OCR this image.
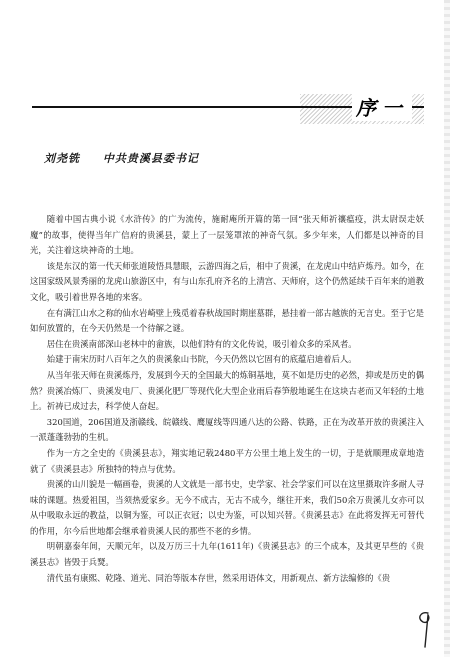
序一
刘尧铣 中共贵溪县委书记

随着中国古典小说《水浒传》的广为流传，施耐庵所开篇的第一回“张天师祈禳瘟疫，洪太尉误走妖魔”的故事，使得当年广信府的贵溪县，蒙上了一层笼罩浓的神奇气氛。多少年来，人们都是以神奇的目光，关注着这块神奇的土地。

该是东汉的第一代天师张道陵悟具慧眼，云游四海之后，相中了贵溪，在龙虎山中结庐炼丹。如今，在这国家级风景秀丽的龙虎山旅游区中，有与山东孔府齐名的上清宫、天师府，这个仍然延续千百年来的道教文化，吸引着世界各地的来客。

在有满江山水之称的仙水岩崎壁上残觅着春秋战国时期崖墓群，悬挂着一部古越族的无言史。至于它是如何放置的，在今天仍然是一个待解之谜。

居住在贵溪南部深山老林中的畲族，以他们特有的文化传说，吸引着众多的采风者。

始建于南宋历时八百年之久的贵溪象山书院，今天仍然以它固有的底蕴启迪着后人。

从当年张天师在贵溪炼丹，发展到今天的全国最大的炼铜基地，莫不如是历史的必然，抑或是历史的偶然？贵溪冶炼厂、贵溪发电厂、贵溪化肥厂等现代化大型企业雨后春笋般地诞生在这块古老而又年轻的土地上。祈祷已成过去，科学使人奋起。

320国道，206国道及浙赣线、皖赣线、鹰厦线等四通八达的公路、铁路，正在为改革开放的贵溪注入一派蓬蓬勃勃的生机。

作为一方之全史的《贵溪县志》，翔实地记载2480平方公里土地上发生的一切，于是就顺理成章地造就了《贵溪县志》所独特的特点与优势。

贵溪的山川貌是一幅画卷，贵溪的人文就是一部书史，史学家、社会学家们可以在这里摄取许多耐人寻味的课题。热爱祖国，当须热爱家乡。无今不成古，无古不成今，继往开来，我们50余万贵溪儿女亦可以从中吸取永远的教益，以铜为鉴，可以正衣冠；以史为鉴，可以知兴替。《贵溪县志》在此将发挥无可替代的作用，尔今后世地都会继承着贵溪人民的那些不老的乡情。

明朝嘉泰年间，天顺元年，以及万历三十九年(1611年)《贵溪县志》的三个成本，及其更早些的《贵溪县志》皆毁于兵燹。

清代虽有康熙、乾隆、道光、同治等版本存世，然采用语体文，用新观点、新方法编修的《贵
